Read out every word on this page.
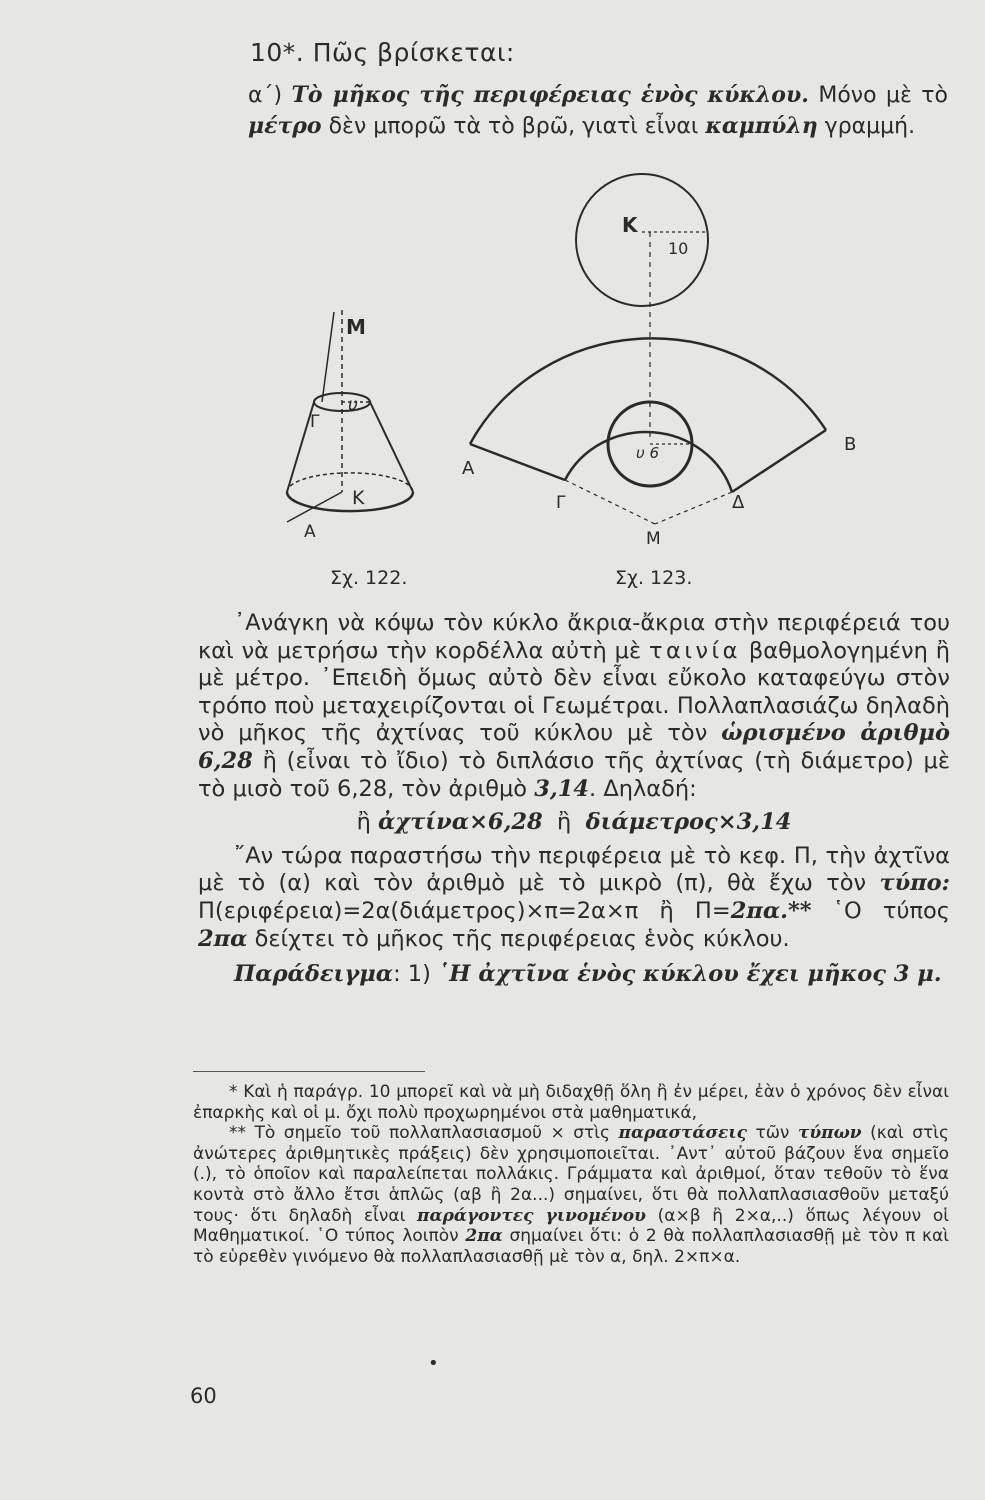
10*. Πῶς βρίσκεται:
α΄) Τὸ μῆκος τῆς περιφέρειας ἑνὸς κύκλου. Μόνο μὲ τὸ μέτρο δὲν μπορῶ τὰ τὸ βρῶ, γιατὶ εἶναι καμπύλη γραμμή.
Μ
υ
Γ
Κ
Α
Κ
10
υ 6
Α
Β
Γ	Δ
Μ
Σχ. 122.	Σχ. 123.

᾽Ανάγκη νὰ κόψω τὸν κύκλο ἄκρια-ἄκρια στὴν περιφέρειά του καὶ νὰ μετρήσω τὴν κορδέλλα αὐτὴ μὲ ταινία βαθμολογημένη ἢ μὲ μέτρο. ᾽Επειδὴ ὅμως αὐτὸ δὲν εἶναι εὔκολο καταφεύγω στὸν τρόπο ποὺ μεταχειρίζονται οἱ Γεωμέτραι. Πολλαπλασιάζω δηλαδὴ νὸ μῆκος τῆς ἀχτίνας τοῦ κύκλου μὲ τὸν ὡρισμένο ἀριθμὸ 6,28 ἢ (εἶναι τὸ ἴδιο) τὸ διπλάσιο τῆς ἀχτίνας (τὴ διάμετρο) μὲ τὸ μισὸ τοῦ 6,28, τὸν ἀριθμὸ 3,14. Δηλαδή:

ἢ ἀχτίνα×6,28  ἢ  διάμετρος×3,14

῎Αν τώρα παραστήσω τὴν περιφέρεια μὲ τὸ κεφ. Π, τὴν ἀχτῖνα μὲ τὸ (α) καὶ τὸν ἀριθμὸ μὲ τὸ μικρὸ (π), θὰ ἔχω τὸν τύπο: Π(εριφέρεια)=2α(διάμετρος)×π=2α×π ἢ Π=2πα.** ῾Ο τύπος 2πα δείχτει τὸ μῆκος τῆς περιφέρειας ἑνὸς κύκλου.

Παράδειγμα: 1) ῾Η ἀχτῖνα ἑνὸς κύκλου ἔχει μῆκος 3 μ.

* Καὶ ἡ παράγρ. 10 μπορεῖ καὶ νὰ μὴ διδαχθῇ ὅλη ἢ ἐν μέρει, ἐὰν ὁ χρόνος δὲν εἶναι ἐπαρκὴς καὶ οἱ μ. ὄχι πολὺ προχωρημένοι στὰ μαθηματικά,

** Τὸ σημεῖο τοῦ πολλαπλασιασμοῦ × στὶς παραστάσεις τῶν τύπων (καὶ στὶς ἀνώτερες ἀριθμητικὲς πράξεις) δὲν χρησιμοποιεῖται. ᾽Αντ᾽ αὐτοῦ βάζουν ἕνα σημεῖο (.), τὸ ὁποῖον καὶ παραλείπεται πολλάκις. Γράμματα καὶ ἀριθμοί, ὅταν τεθοῦν τὸ ἕνα κοντὰ στὸ ἄλλο ἔτσι ἁπλῶς (αβ ἢ 2α...) σημαίνει, ὅτι θὰ πολλαπλασιασθοῦν μεταξύ τους· ὅτι δηλαδὴ εἶναι παράγοντες γινομένου (α×β ἢ 2×α,..) ὅπως λέγουν οἱ Μαθηματικοί. ῾Ο τύπος λοιπὸν 2πα σημαίνει ὅτι: ὁ 2 θὰ πολλαπλασιασθῇ μὲ τὸν π καὶ τὸ εὑρεθὲν γινόμενο θὰ πολλαπλασιασθῇ μὲ τὸν α, δηλ. 2×π×α.

•
60
